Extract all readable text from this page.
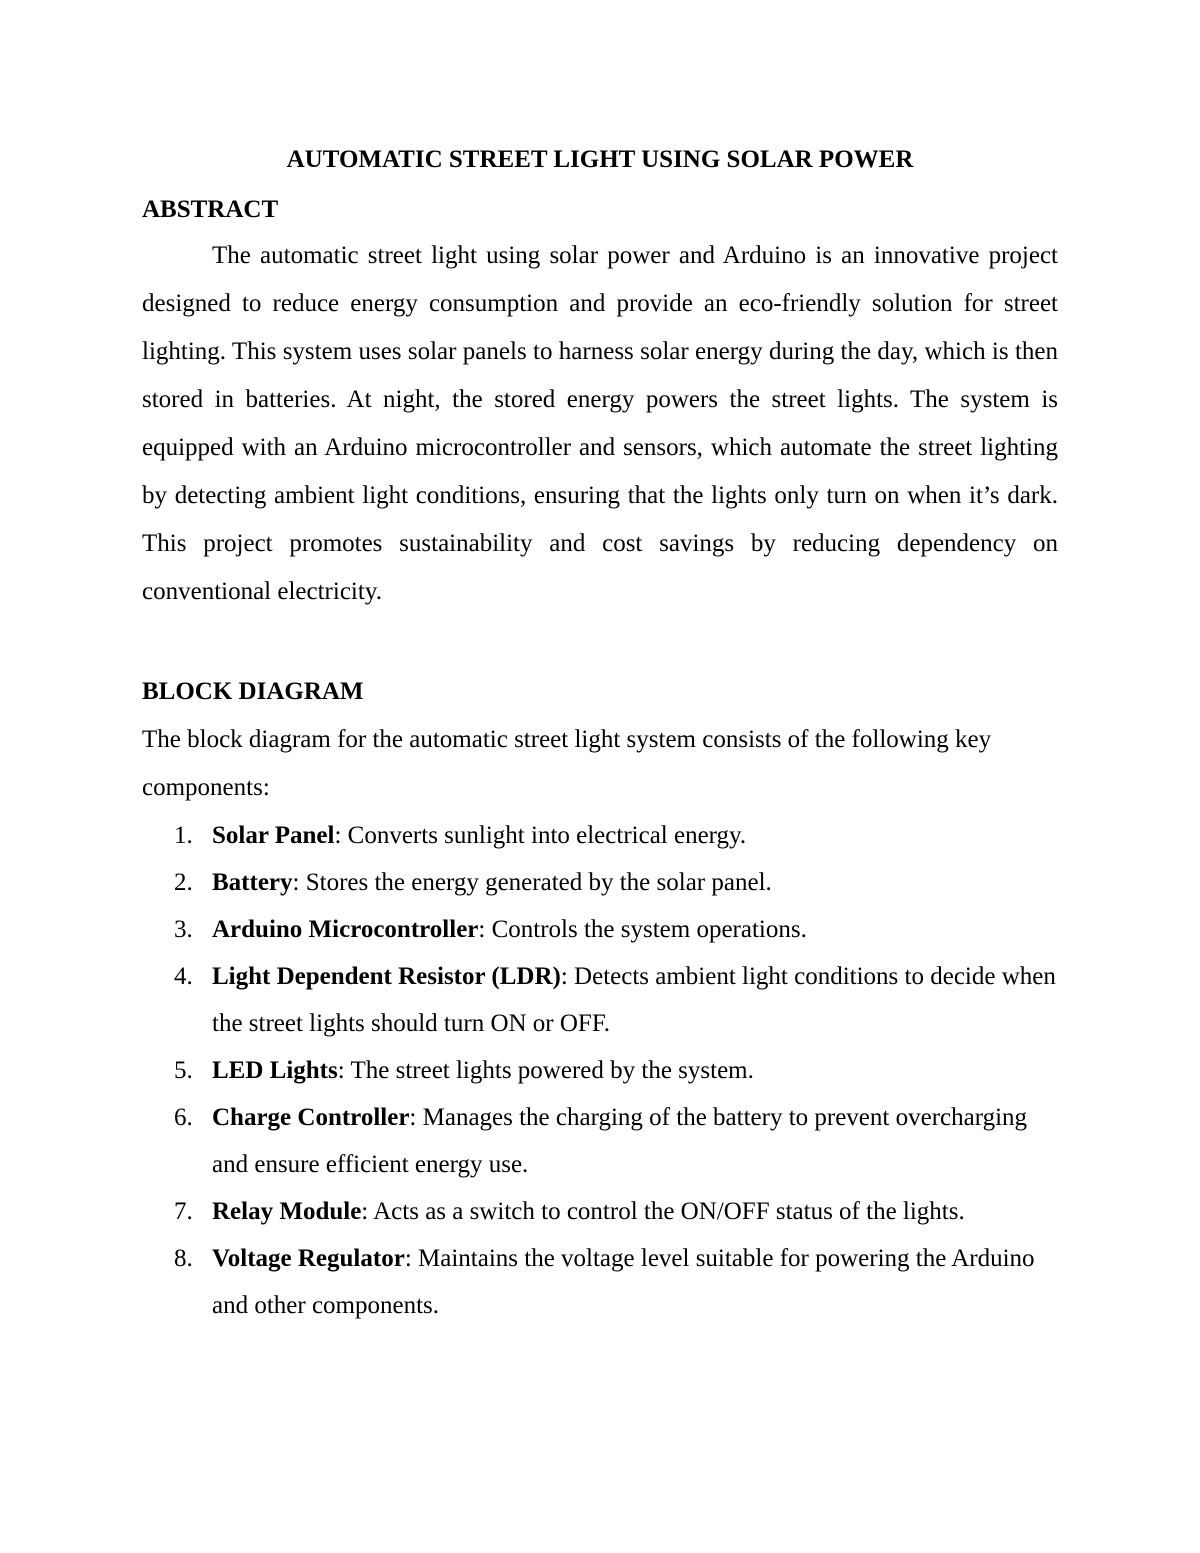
AUTOMATIC STREET LIGHT USING SOLAR POWER
ABSTRACT

The automatic street light using solar power and Arduino is an innovative project designed to reduce energy consumption and provide an eco-friendly solution for street lighting. This system uses solar panels to harness solar energy during the day, which is then stored in batteries. At night, the stored energy powers the street lights. The system is equipped with an Arduino microcontroller and sensors, which automate the street lighting by detecting ambient light conditions, ensuring that the lights only turn on when it’s dark. This project promotes sustainability and cost savings by reducing dependency on conventional electricity.

BLOCK DIAGRAM

The block diagram for the automatic street light system consists of the following key components:

1. Solar Panel: Converts sunlight into electrical energy.
2. Battery: Stores the energy generated by the solar panel.
3. Arduino Microcontroller: Controls the system operations.
4. Light Dependent Resistor (LDR): Detects ambient light conditions to decide when the street lights should turn ON or OFF.
5. LED Lights: The street lights powered by the system.
6. Charge Controller: Manages the charging of the battery to prevent overcharging and ensure efficient energy use.
7. Relay Module: Acts as a switch to control the ON/OFF status of the lights.
8. Voltage Regulator: Maintains the voltage level suitable for powering the Arduino and other components.
